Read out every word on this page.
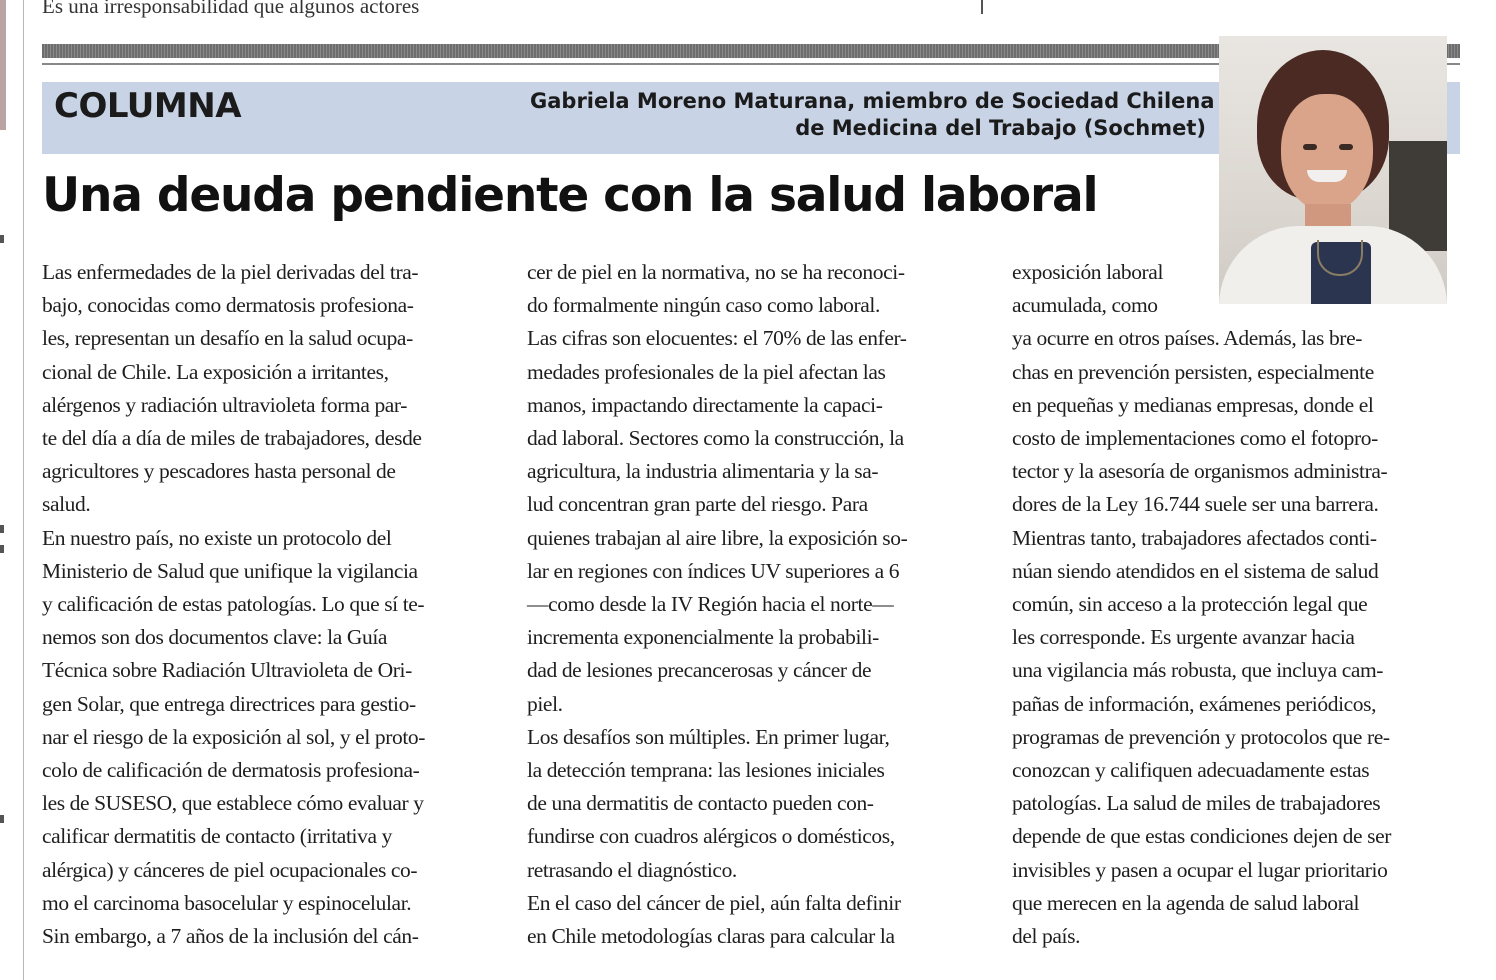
Es una irresponsabilidad que algunos actores
COLUMNA	Gabriela Moreno Maturana, miembro de Sociedad Chilena
de Medicina del Trabajo (Sochmet)
Una deuda pendiente con la salud laboral

Las enfermedades de la piel derivadas del tra-

bajo, conocidas como dermatosis profesiona-

les, representan un desafío en la salud ocupa-

cional de Chile. La exposición a irritantes,

alérgenos y radiación ultravioleta forma par-

te del día a día de miles de trabajadores, desde

agricultores y pescadores hasta personal de

salud.

En nuestro país, no existe un protocolo del

Ministerio de Salud que unifique la vigilancia

y calificación de estas patologías. Lo que sí te-

nemos son dos documentos clave: la Guía

Técnica sobre Radiación Ultravioleta de Ori-

gen Solar, que entrega directrices para gestio-

nar el riesgo de la exposición al sol, y el proto-

colo de calificación de dermatosis profesiona-

les de SUSESO, que establece cómo evaluar y

calificar dermatitis de contacto (irritativa y

alérgica) y cánceres de piel ocupacionales co-

mo el carcinoma basocelular y espinocelular.

Sin embargo, a 7 años de la inclusión del cán-

cer de piel en la normativa, no se ha reconoci-

do formalmente ningún caso como laboral.

Las cifras son elocuentes: el 70% de las enfer-

medades profesionales de la piel afectan las

manos, impactando directamente la capaci-

dad laboral. Sectores como la construcción, la

agricultura, la industria alimentaria y la sa-

lud concentran gran parte del riesgo. Para

quienes trabajan al aire libre, la exposición so-

lar en regiones con índices UV superiores a 6

—como desde la IV Región hacia el norte—

incrementa exponencialmente la probabili-

dad de lesiones precancerosas y cáncer de

piel.

Los desafíos son múltiples. En primer lugar,

la detección temprana: las lesiones iniciales

de una dermatitis de contacto pueden con-

fundirse con cuadros alérgicos o domésticos,

retrasando el diagnóstico.

En el caso del cáncer de piel, aún falta definir

en Chile metodologías claras para calcular la

exposición laboral

acumulada, como

ya ocurre en otros países. Además, las bre-

chas en prevención persisten, especialmente

en pequeñas y medianas empresas, donde el

costo de implementaciones como el fotopro-

tector y la asesoría de organismos administra-

dores de la Ley 16.744 suele ser una barrera.

Mientras tanto, trabajadores afectados conti-

núan siendo atendidos en el sistema de salud

común, sin acceso a la protección legal que

les corresponde. Es urgente avanzar hacia

una vigilancia más robusta, que incluya cam-

pañas de información, exámenes periódicos,

programas de prevención y protocolos que re-

conozcan y califiquen adecuadamente estas

patologías. La salud de miles de trabajadores

depende de que estas condiciones dejen de ser

invisibles y pasen a ocupar el lugar prioritario

que merecen en la agenda de salud laboral

del país.
